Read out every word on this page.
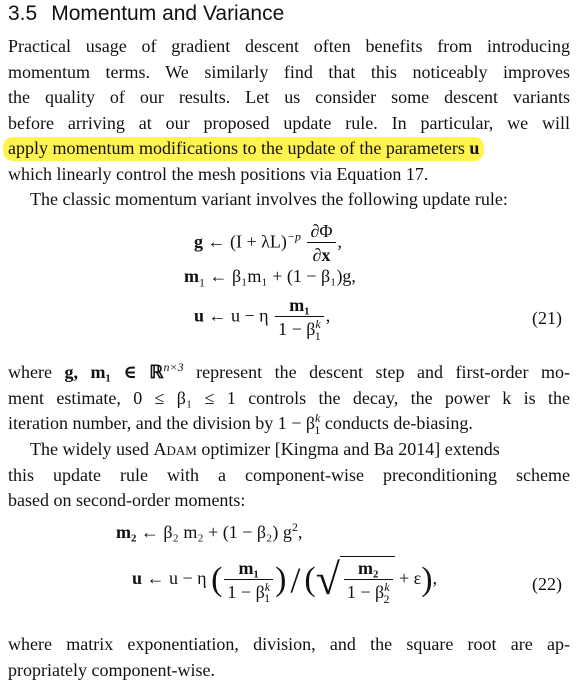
3.5 Momentum and Variance
Practical usage of gradient descent often benefits from introducing
momentum terms. We similarly find that this noticeably improves
the quality of our results. Let us consider some descent variants
before arriving at our proposed update rule. In particular, we will
apply momentum modifications to the update of the parameters u
which linearly control the mesh positions via Equation 17.
The classic momentum variant involves the following update rule:
g ← $(I + \lambda L)^{-p} \frac{\partial\Phi}{\partial x}$ ,
$m_1$ ← β₁m₁ + (1 − β₁)g,
u ← u − η $\frac{\text{m₁}}{1 - \beta^k_1}$ ,	(21)
where g, m₁ ∈ ℝ$^{n\times 3}$ represent the descent step and first-order mo-
ment estimate, 0 ≤ β₁ ≤ 1 controls the decay, the power k is the
iteration number, and the division by $1 - \beta^k_1$ conducts de-biasing.
The widely used Adam optimizer [Kingma and Ba 2014] extends
this update rule with a component-wise preconditioning scheme
based on second-order moments:
m₂ ← β₂ m₂ + (1 − β₂) $g^2$,
u ← u − η ( $\frac{\text{m₁}}{1 - \beta^k_1}$ ) / (√ $\frac{\text{m₂}}{1 - \beta^k_2} + \varepsilon$),	(22)
where matrix exponentiation, division, and the square root are ap-
propriately component-wise.
